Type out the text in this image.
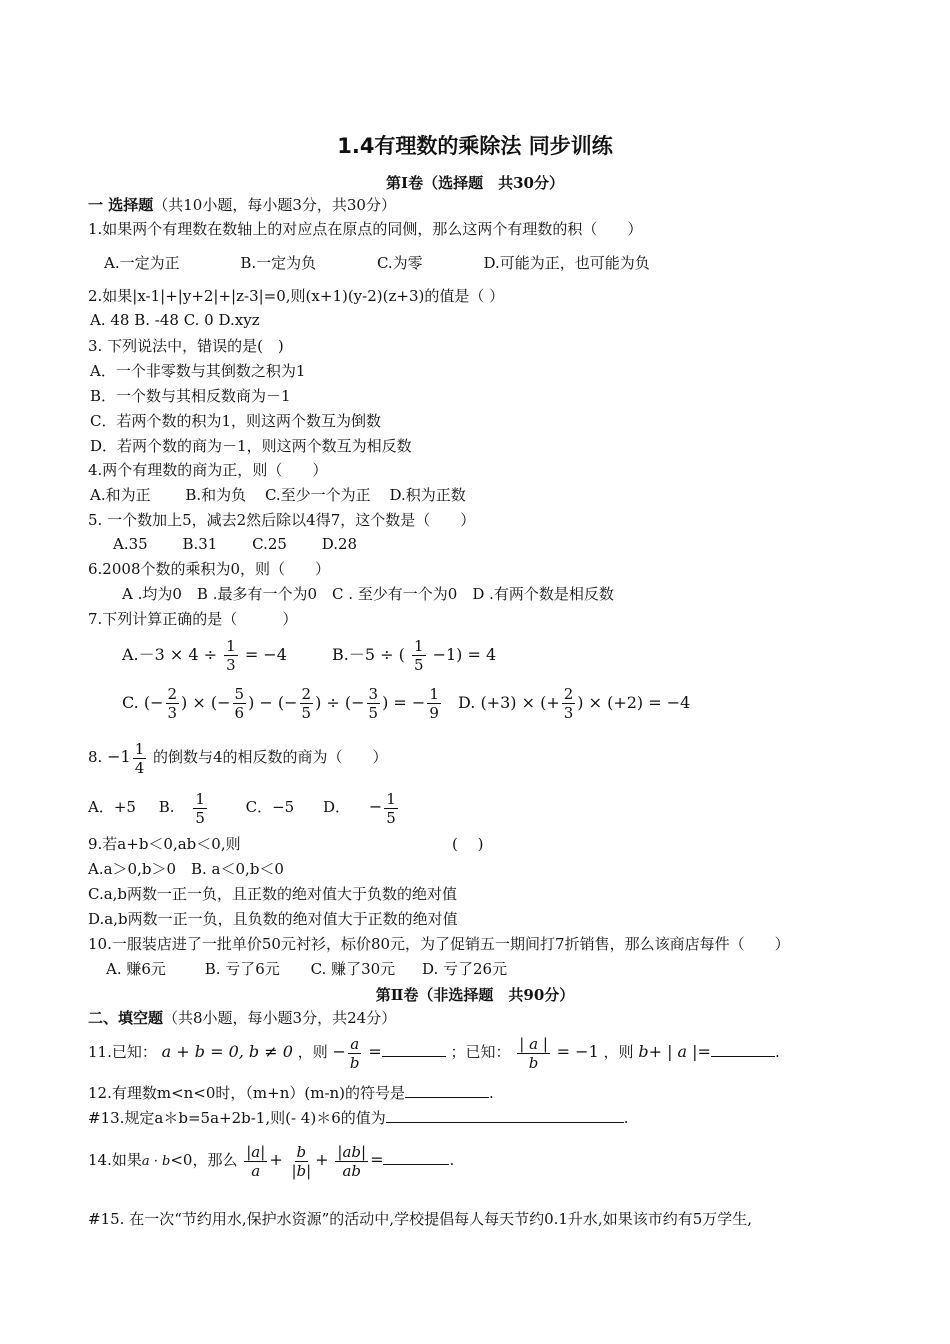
1.4有理数的乘除法 同步训练
第Ⅰ卷（选择题　共30分）
一 选择题（共10小题，每小题3分，共30分）
1.如果两个有理数在数轴上的对应点在原点的同侧，那么这两个有理数的积（　　）
A.一定为正	B.一定为负	C.为零	D.可能为正，也可能为负
2.如果|x-1|+|y+2|+|z-3|=0,则(x+1)(y-2)(z+3)的值是（ ）
A. 48 B. -48 C. 0 D.xyz
3. 下列说法中，错误的是(　)
A．一个非零数与其倒数之积为1
B．一个数与其相反数商为－1
C．若两个数的积为1，则这两个数互为倒数
D．若两个数的商为－1，则这两个数互为相反数
4.两个有理数的商为正，则（　　）
A.和为正 B.和为负 C.至少一个为正 D.积为正数
5. 一个数加上5，减去2然后除以4得7，这个数是（　　）
A.35 B.31 C.25 D.28
6.2008个数的乘积为0，则（　　）
A .均为0　B .最多有一个为0　C . 至少有一个为0　D .有两个数是相反数
7.下列计算正确的是（　　　）
$A.-3 \times 4 \div \frac{1}{3} = -4$	B.－5 ÷ ( $\frac{1}{5} -1) = 4$
C. (− $\frac{2}{3}$ ) × (− $\frac{5}{6}$ ) − (− $\frac{2}{5}$ ) ÷ (− $\frac{3}{5}$ ) = − $\frac{1}{9} D$. (+3) × (+ $\frac{2}{3}$ ) × (+2) = −4
8. $-1 \frac{1}{4}$ 的倒数与4的相反数的商为（　　）
A．+5 B. $\frac{1}{5}$	C．−5 D． − $\frac{1}{5}$
9.若a+b＜0,ab＜0,则	(　 )
A.a＞0,b＞0　B. a＜0,b＜0
C.a,b两数一正一负，且正数的绝对值大于负数的绝对值
D.a,b两数一正一负，且负数的绝对值大于正数的绝对值
10.一服装店进了一批单价50元衬衫，标价80元，为了促销五一期间打7折销售，那么该商店每件（　　）
A. 赚6元	B. 亏了6元 C. 赚了30元 D. 亏了26元
第Ⅱ卷（非选择题　共90分）
二、填空题（共8小题，每小题3分，共24分）
11.已知： a + b = 0, b ≠ 0 ，则 − $\frac{a}{b}$ =	；已知： $\frac{| a |}{b} = -1$ ，则 b+ | a |=	.
12.有理数m<n<0时，（m+n）(m-n)的符号是	.
#13.规定a＊b=5a+2b-1,则(- 4)＊6的值为	.
14.如果a · b<0，那么 $\frac{|a|}{a} + \frac{b}{|b|} + \frac{|ab|}{ab}$ =	.
#15. 在一次“节约用水,保护水资源”的活动中,学校提倡每人每天节约0.1升水,如果该市约有5万学生,
